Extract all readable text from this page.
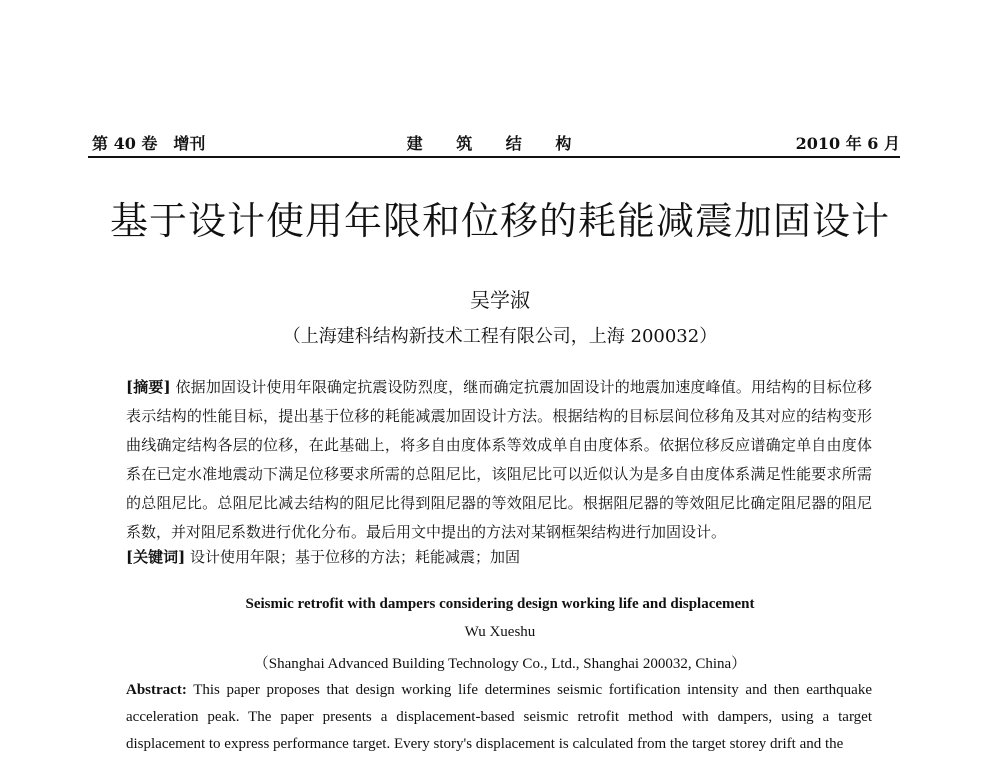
第 40 卷　增刊	建 筑 结 构	2010 年 6 月
基于设计使用年限和位移的耗能减震加固设计
吴学淑
（上海建科结构新技术工程有限公司，上海 200032）
[摘要] 依据加固设计使用年限确定抗震设防烈度，继而确定抗震加固设计的地震加速度峰值。用结构的目标位移表示结构的性能目标，提出基于位移的耗能减震加固设计方法。根据结构的目标层间位移角及其对应的结构变形曲线确定结构各层的位移，在此基础上，将多自由度体系等效成单自由度体系。依据位移反应谱确定单自由度体系在已定水准地震动下满足位移要求所需的总阻尼比，该阻尼比可以近似认为是多自由度体系满足性能要求所需的总阻尼比。总阻尼比减去结构的阻尼比得到阻尼器的等效阻尼比。根据阻尼器的等效阻尼比确定阻尼器的阻尼系数，并对阻尼系数进行优化分布。最后用文中提出的方法对某钢框架结构进行加固设计。
[关键词] 设计使用年限；基于位移的方法；耗能减震；加固
Seismic retrofit with dampers considering design working life and displacement
Wu Xueshu
（Shanghai Advanced Building Technology Co., Ltd., Shanghai 200032, China）
Abstract: This paper proposes that design working life determines seismic fortification intensity and then earthquake acceleration peak. The paper presents a displacement-based seismic retrofit method with dampers, using a target displacement to express performance target. Every story's displacement is calculated from the target storey drift and the
